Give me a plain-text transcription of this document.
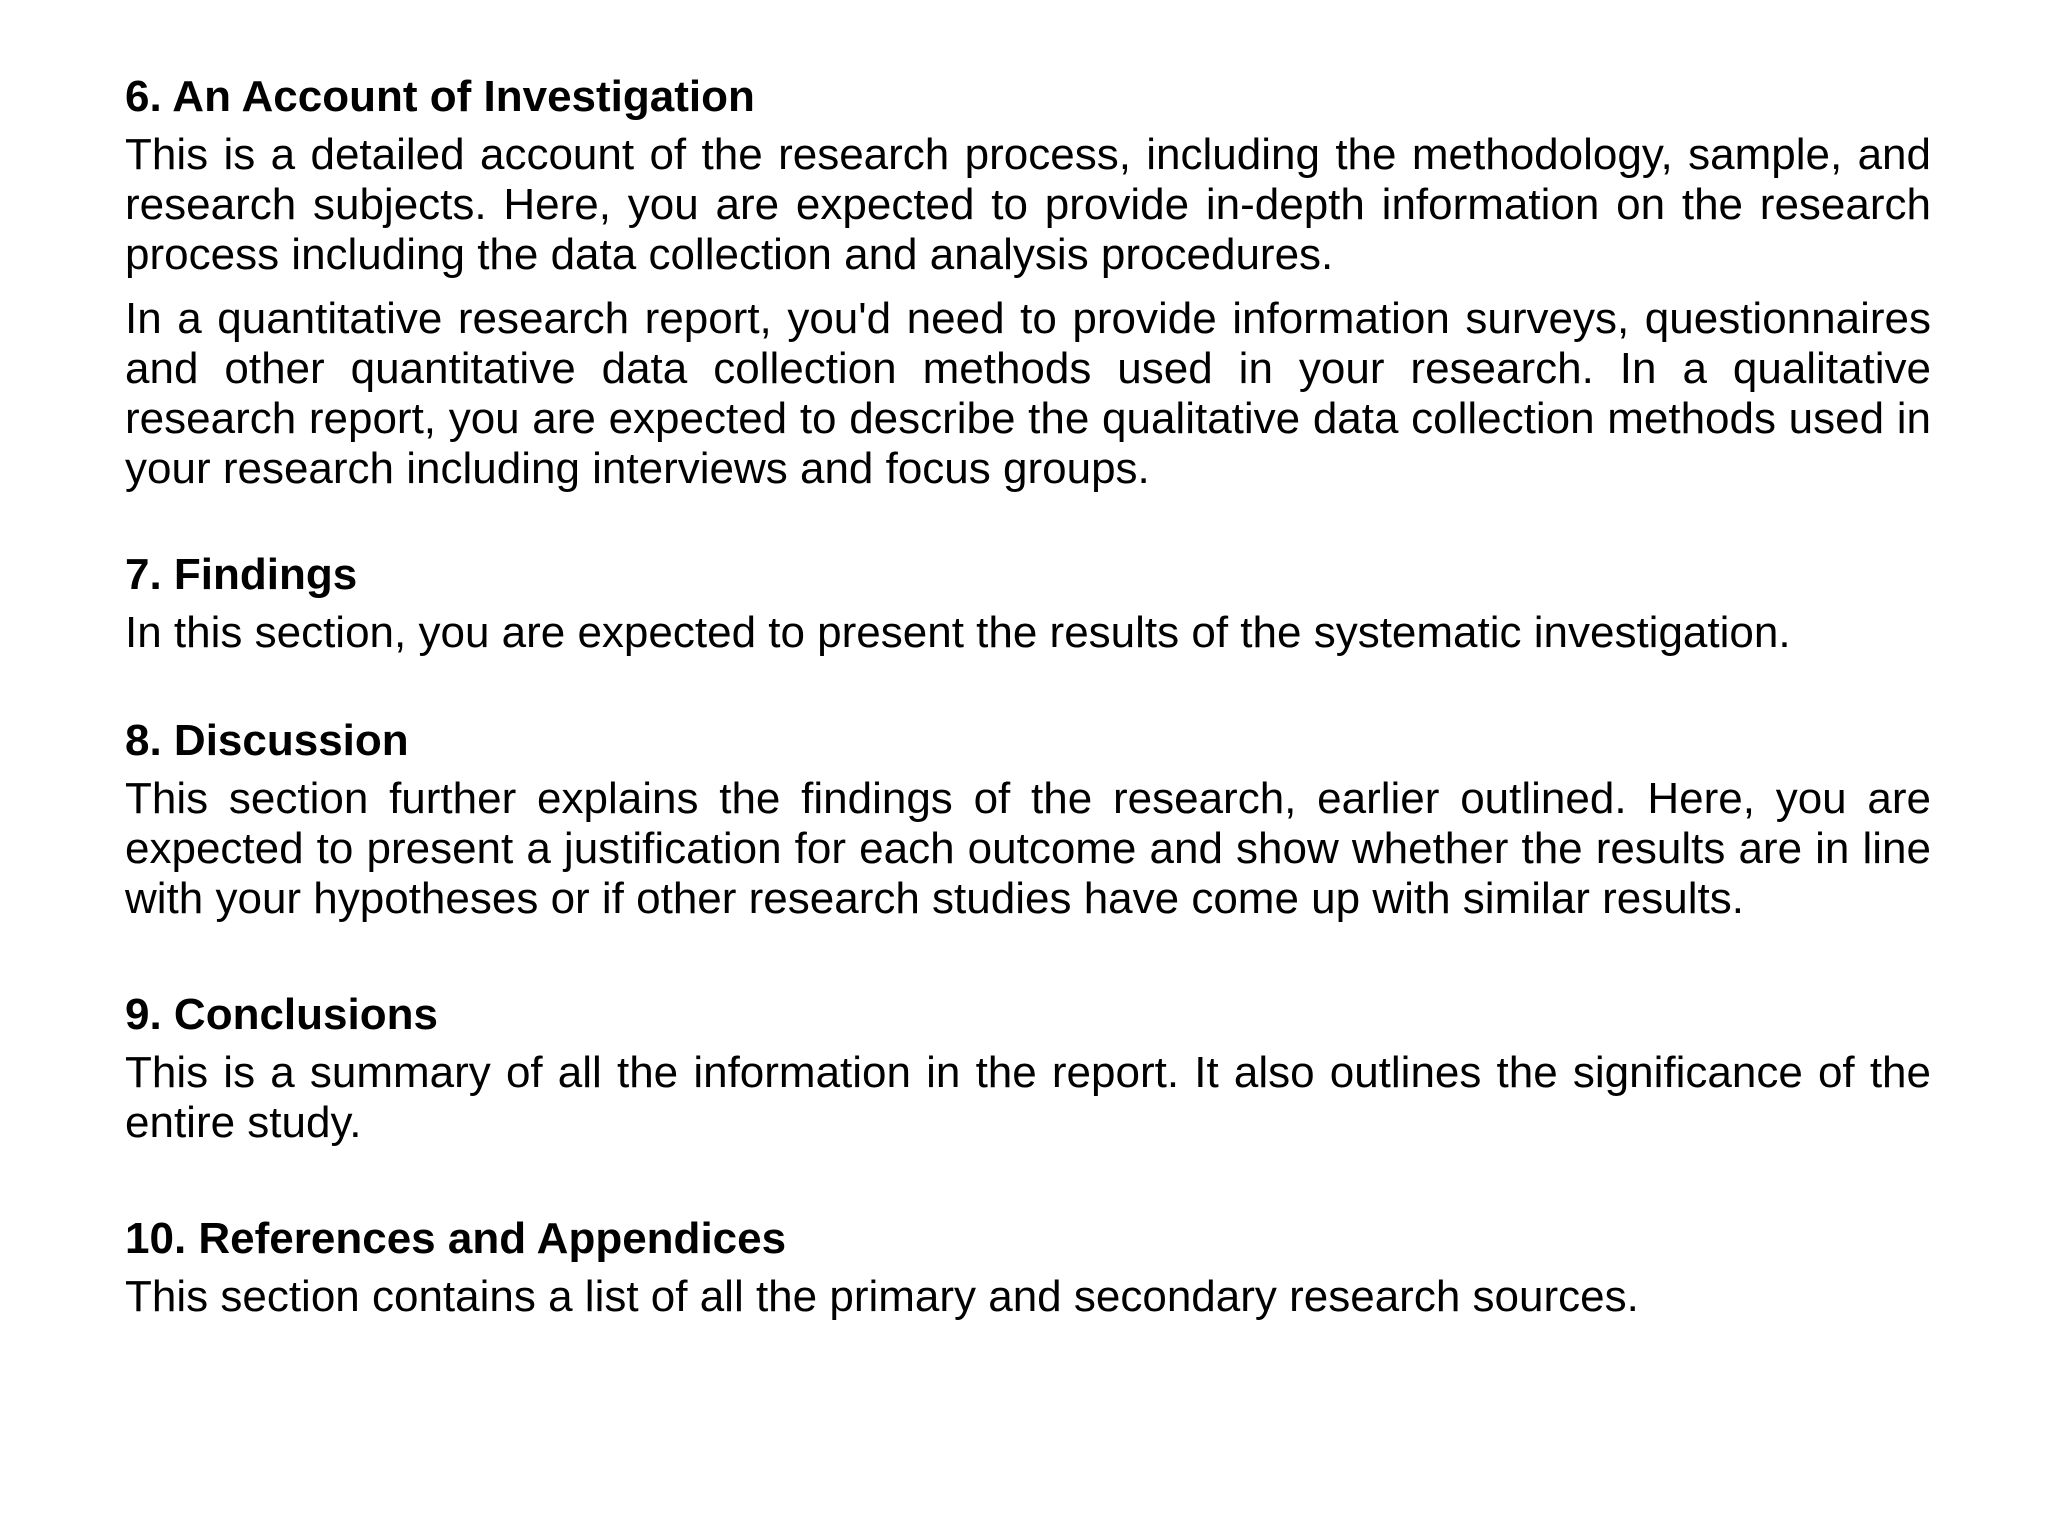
6. An Account of Investigation

This is a detailed account of the research process, including the methodology, sample, and research subjects. Here, you are expected to provide in-depth information on the research process including the data collection and analysis procedures.

In a quantitative research report, you'd need to provide information surveys, questionnaires and other quantitative data collection methods used in your research. In a qualitative research report, you are expected to describe the qualitative data collection methods used in your research including interviews and focus groups.

7. Findings

In this section, you are expected to present the results of the systematic investigation.

8. Discussion

This section further explains the findings of the research, earlier outlined. Here, you are expected to present a justification for each outcome and show whether the results are in line with your hypotheses or if other research studies have come up with similar results.

9. Conclusions

This is a summary of all the information in the report. It also outlines the significance of the entire study.

10. References and Appendices

This section contains a list of all the primary and secondary research sources.
